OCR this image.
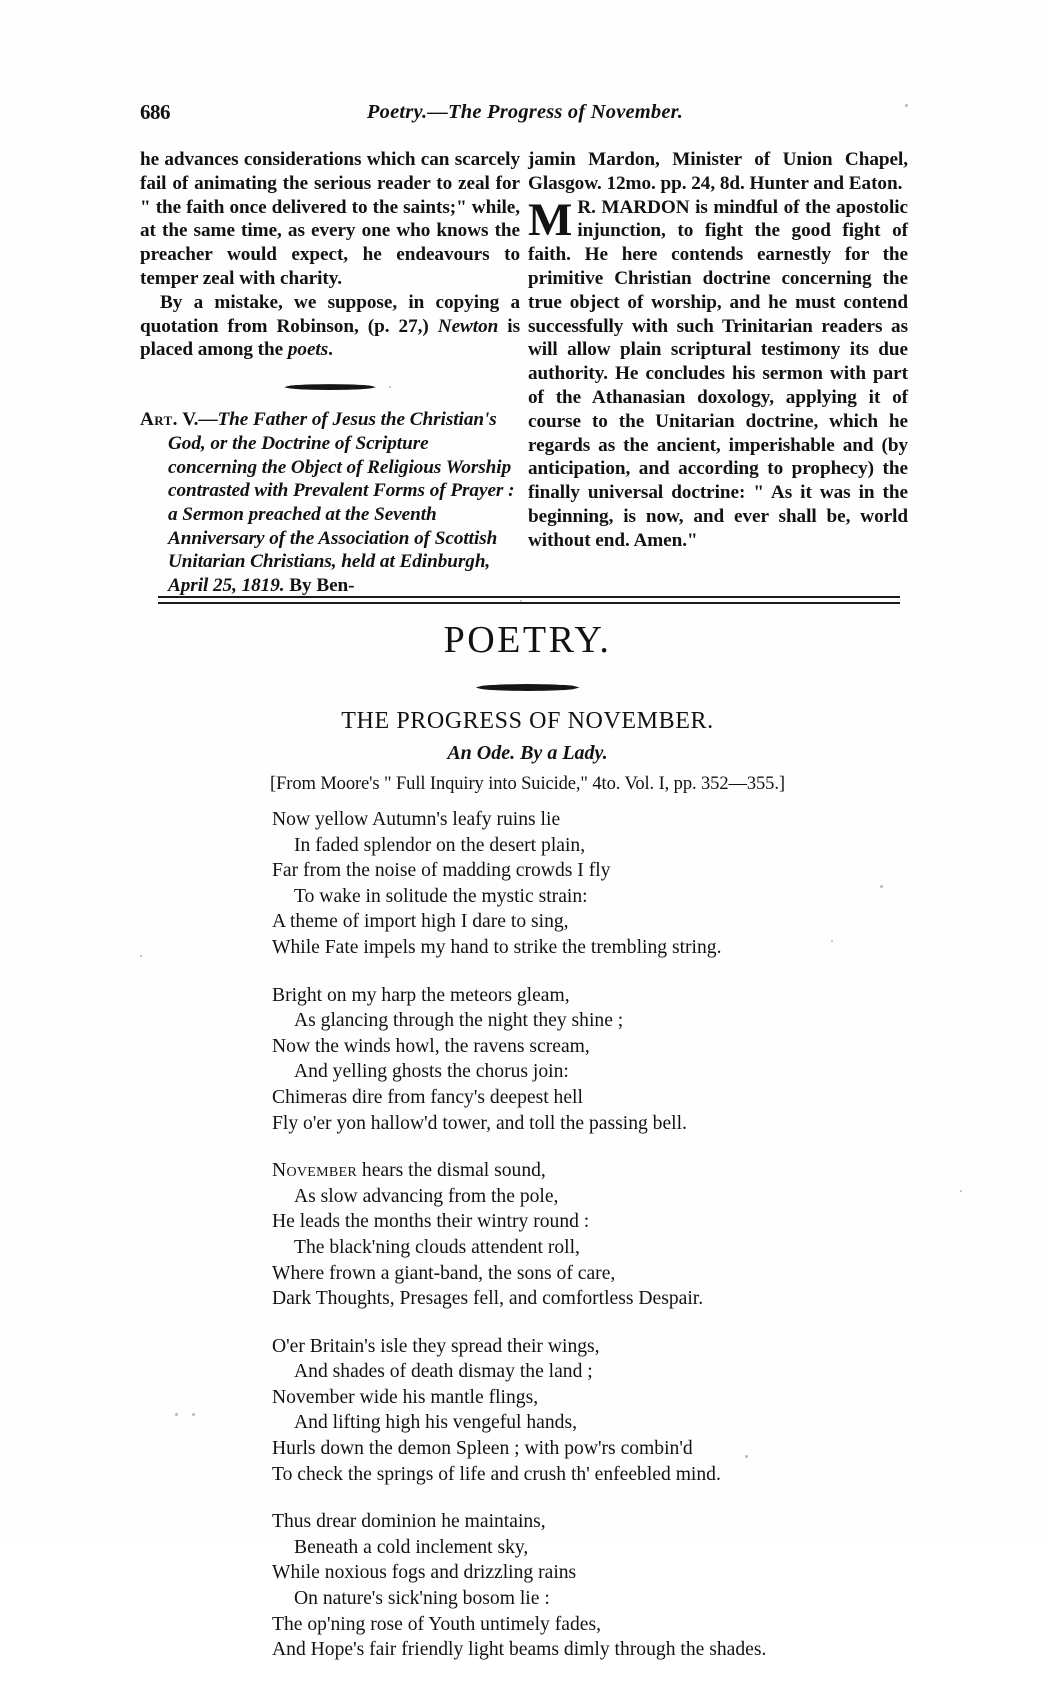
686	Poetry.—The Progress of November.

he advances considerations which can scarcely fail of animating the serious reader to zeal for " the faith once delivered to the saints;" while, at the same time, as every one who knows the preacher would expect, he endeavours to temper zeal with charity.

By a mistake, we suppose, in copying a quotation from Robinson, (p. 27,) Newton is placed among the poets.

Art. V.—The Father of Jesus the Christian's God, or the Doctrine of Scripture concerning the Object of Religious Worship contrasted with Prevalent Forms of Prayer : a Sermon preached at the Seventh Anniversary of the Association of Scottish Unitarian Christians, held at Edinburgh, April 25, 1819. By Ben-

jamin Mardon, Minister of Union Chapel, Glasgow. 12mo. pp. 24, 8d. Hunter and Eaton.

M R. MARDON is mindful of the apostolic injunction, to fight the good fight of faith. He here contends earnestly for the primitive Christian doctrine concerning the true object of worship, and he must contend successfully with such Trinitarian readers as will allow plain scriptural testimony its due authority. He concludes his sermon with part of the Athanasian doxology, applying it of course to the Unitarian doctrine, which he regards as the ancient, imperishable and (by anticipation, and according to prophecy) the finally universal doctrine: " As it was in the beginning, is now, and ever shall be, world without end. Amen."

POETRY.
THE PROGRESS OF NOVEMBER.
An Ode. By a Lady.
[From Moore's " Full Inquiry into Suicide," 4to. Vol. I, pp. 352—355.]
Now yellow Autumn's leafy ruins lie
In faded splendor on the desert plain,
Far from the noise of madding crowds I fly
To wake in solitude the mystic strain:
A theme of import high I dare to sing,
While Fate impels my hand to strike the trembling string.
Bright on my harp the meteors gleam,
As glancing through the night they shine ;
Now the winds howl, the ravens scream,
And yelling ghosts the chorus join:
Chimeras dire from fancy's deepest hell
Fly o'er yon hallow'd tower, and toll the passing bell.
November hears the dismal sound,
As slow advancing from the pole,
He leads the months their wintry round :
The black'ning clouds attendent roll,
Where frown a giant-band, the sons of care,
Dark Thoughts, Presages fell, and comfortless Despair.
O'er Britain's isle they spread their wings,
And shades of death dismay the land ;
November wide his mantle flings,
And lifting high his vengeful hands,
Hurls down the demon Spleen ; with pow'rs combin'd
To check the springs of life and crush th' enfeebled mind.
Thus drear dominion he maintains,
Beneath a cold inclement sky,
While noxious fogs and drizzling rains
On nature's sick'ning bosom lie :
The op'ning rose of Youth untimely fades,
And Hope's fair friendly light beams dimly through the shades.
